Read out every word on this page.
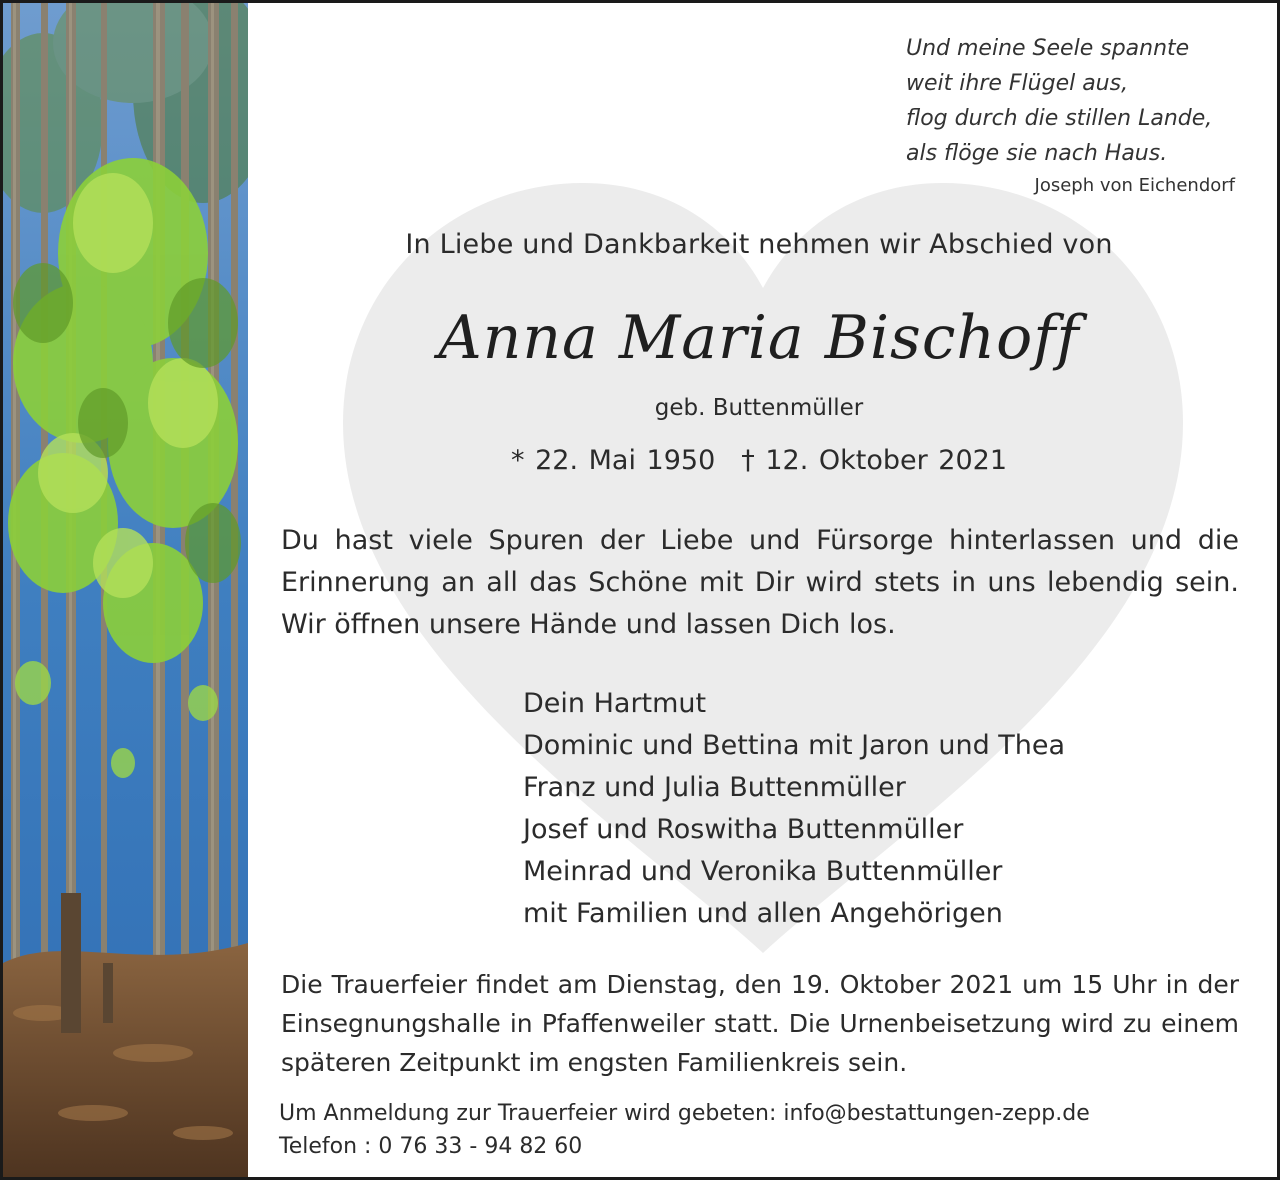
Und meine Seele spannte
weit ihre Flügel aus,
flog durch die stillen Lande,
als flöge sie nach Haus.
Joseph von Eichendorf
In Liebe und Dankbarkeit nehmen wir Abschied von
Anna Maria Bischoff
geb. Buttenmüller
* 22. Mai 1950 † 12. Oktober 2021
Du hast viele Spuren der Liebe und Fürsorge hinterlassen und die Erinnerung an all das Schöne mit Dir wird stets in uns lebendig sein. Wir öffnen unsere Hände und lassen Dich los.
Dein Hartmut
Dominic und Bettina mit Jaron und Thea
Franz und Julia Buttenmüller
Josef und Roswitha Buttenmüller
Meinrad und Veronika Buttenmüller
mit Familien und allen Angehörigen
Die Trauerfeier findet am Dienstag, den 19. Oktober 2021 um 15 Uhr in der Einsegnungshalle in Pfaffenweiler statt. Die Urnenbeisetzung wird zu einem späteren Zeitpunkt im engsten Familienkreis sein.
Um Anmeldung zur Trauerfeier wird gebeten: info@bestattungen-zepp.de
Telefon : 0 76 33 - 94 82 60
